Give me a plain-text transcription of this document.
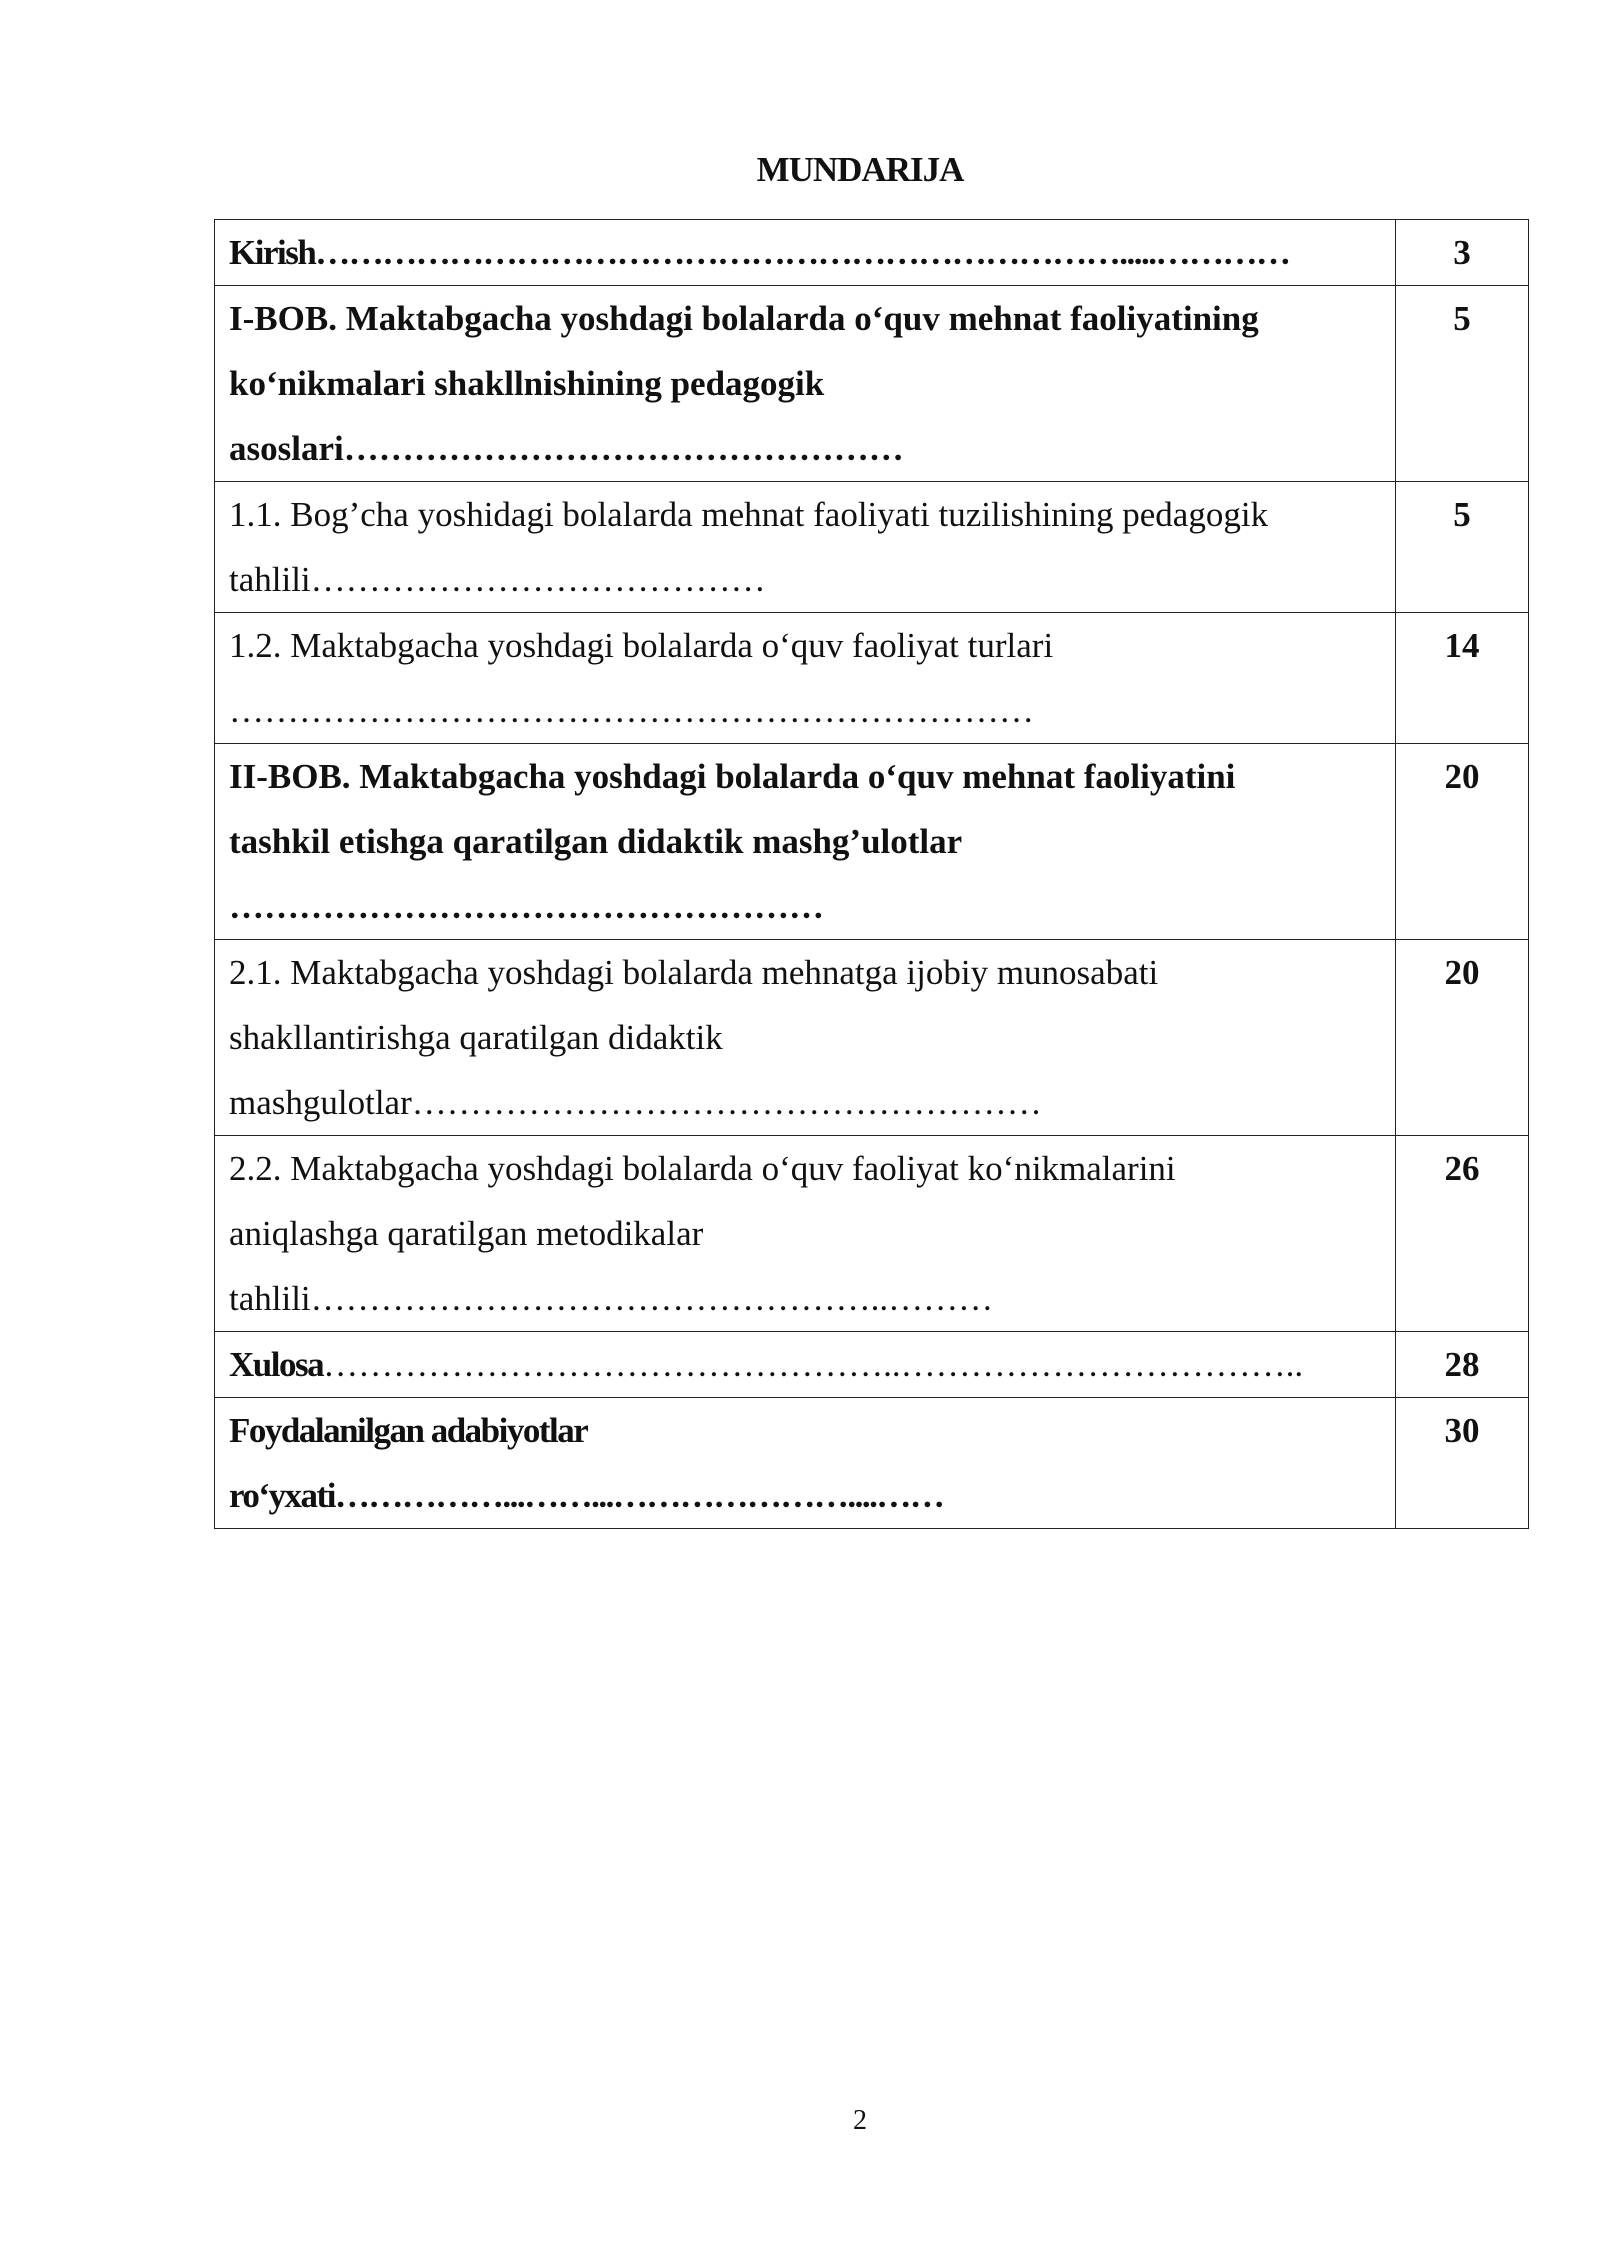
MUNDARIJA
Kirish……………………………………………………………….....…………	3

I-BOB. Maktabgacha yoshdagi bolalarda o‘quv mehnat faoliyatining
ko‘nikmalari shakllnishining pedagogik
asoslari…………………………………………	5

1.1. Bog’cha yoshidagi bolalarda mehnat faoliyati tuzilishining pedagogik
tahlili…………………………………	5

1.2. Maktabgacha yoshdagi bolalarda o‘quv faoliyat turlari
……………………………………………………………	14

II-BOB. Maktabgacha yoshdagi bolalarda o‘quv mehnat faoliyatini
tashkil etishga qaratilgan didaktik mashg’ulotlar
……………………………………………	20

2.1. Maktabgacha yoshdagi bolalarda mehnatga ijobiy munosabati
shakllantirishga qaratilgan didaktik
mashgulotlar………………………………………………	20

2.2. Maktabgacha yoshdagi bolalarda o‘quv faoliyat ko‘nikmalarini
aniqlashga qaratilgan metodikalar
tahlili…………………………………………..………	26

Xulosa…………………………………………..……………………………..	28

Foydalanilgan adabiyotlar
ro‘yxati……………...……...…………………....……	30
2
